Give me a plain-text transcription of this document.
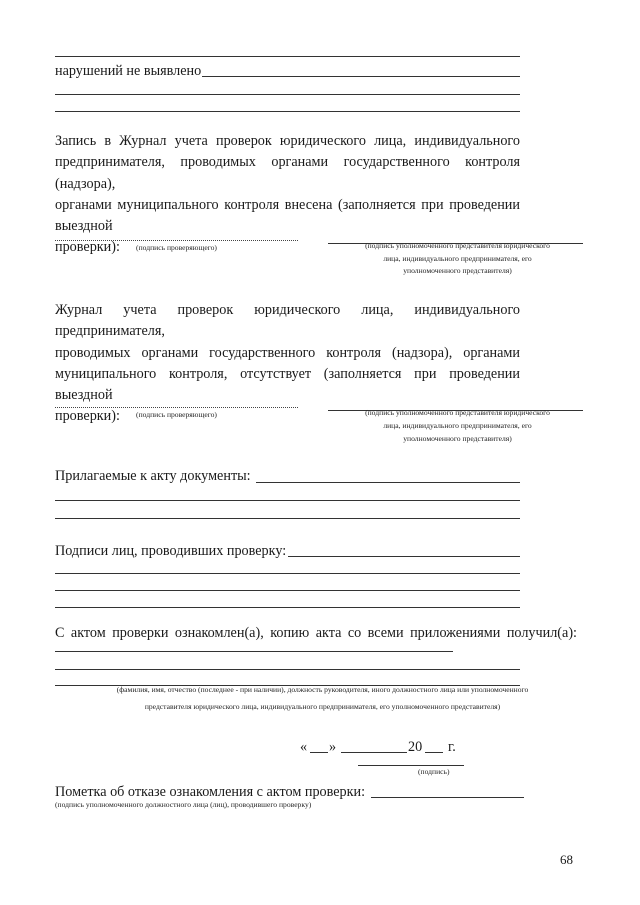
нарушений не выявлено
Запись в Журнал учета проверок юридического лица, индивидуального
предпринимателя, проводимых органами государственного контроля (надзора),
органами муниципального контроля внесена (заполняется при проведении выездной
проверки):	(подпись проверяющего)	(подпись уполномоченного представителя юридического
лица, индивидуального предпринимателя, его
уполномоченного представителя)
Журнал учета проверок юридического лица, индивидуального предпринимателя,
проводимых органами государственного контроля (надзора), органами
муниципального контроля, отсутствует (заполняется при проведении выездной
проверки):	(подпись проверяющего)	(подпись уполномоченного представителя юридического
лица, индивидуального предпринимателя, его
уполномоченного представителя)
Прилагаемые к акту документы:
Подписи лиц, проводивших проверку:
С актом проверки ознакомлен(а), копию акта со всеми приложениями получил(а):
(фамилия, имя, отчество (последнее - при наличии), должность руководителя, иного должностного лица или уполномоченного
представителя юридического лица, индивидуального предпринимателя, его уполномоченного представителя)
« »	20 г.
(подпись)
Пометка об отказе ознакомления с актом проверки:
(подпись уполномоченного должностного лица (лиц), проводившего проверку)
68
